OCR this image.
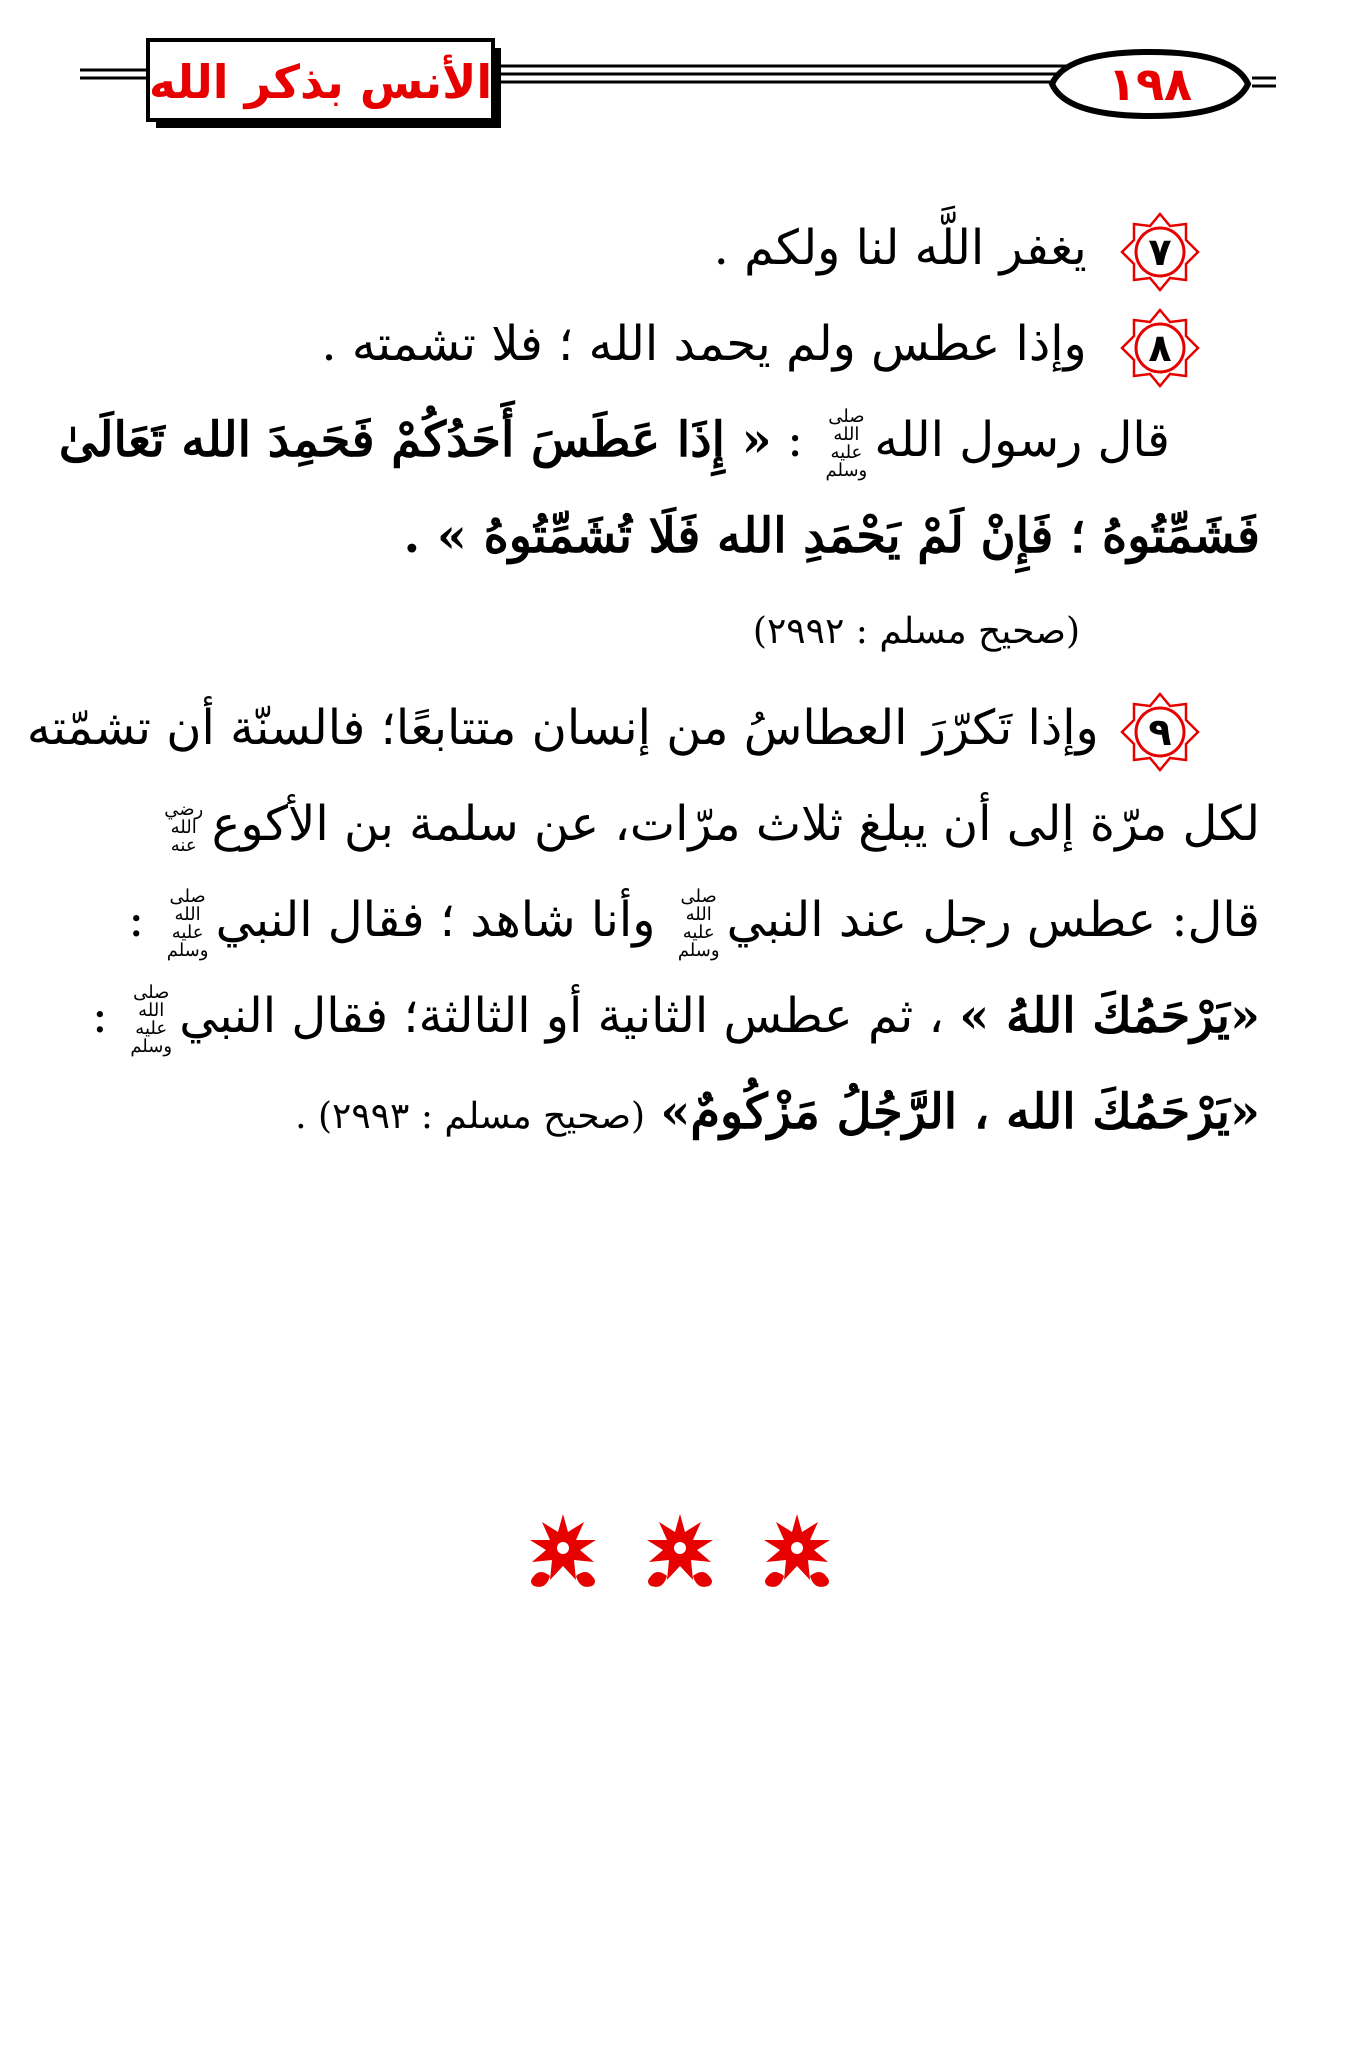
الأنس بذكر الله	١٩٨
٧
يغفر اللَّه لنا ولكم .
٨
وإذا عطس ولم يحمد الله ؛ فلا تشمته .
قال رسول اللهصلى الله عليه وسلم : « إِذَا عَطَسَ أَحَدُكُمْ فَحَمِدَ الله تَعَالَىٰ
فَشَمِّتُوهُ ؛ فَإِنْ لَمْ يَحْمَدِ الله فَلَا تُشَمِّتُوهُ » .
(صحيح مسلم : ٢٩٩٢)
٩
وإذا تَكرّرَ العطاسُ من إنسان متتابعًا؛ فالسنّة أن تشمّته
لكل مرّة إلى أن يبلغ ثلاث مرّات، عن سلمة بن الأكوعرضي الله عنه
قال: عطس رجل عند النبيصلى الله عليه وسلم وأنا شاهد ؛ فقال النبيصلى الله عليه وسلم :
«يَرْحَمُكَ اللهُ » ، ثم عطس الثانية أو الثالثة؛ فقال النبيصلى الله عليه وسلم :
«يَرْحَمُكَ الله ، الرَّجُلُ مَزْكُومٌ» (صحيح مسلم : ٢٩٩٣) .
